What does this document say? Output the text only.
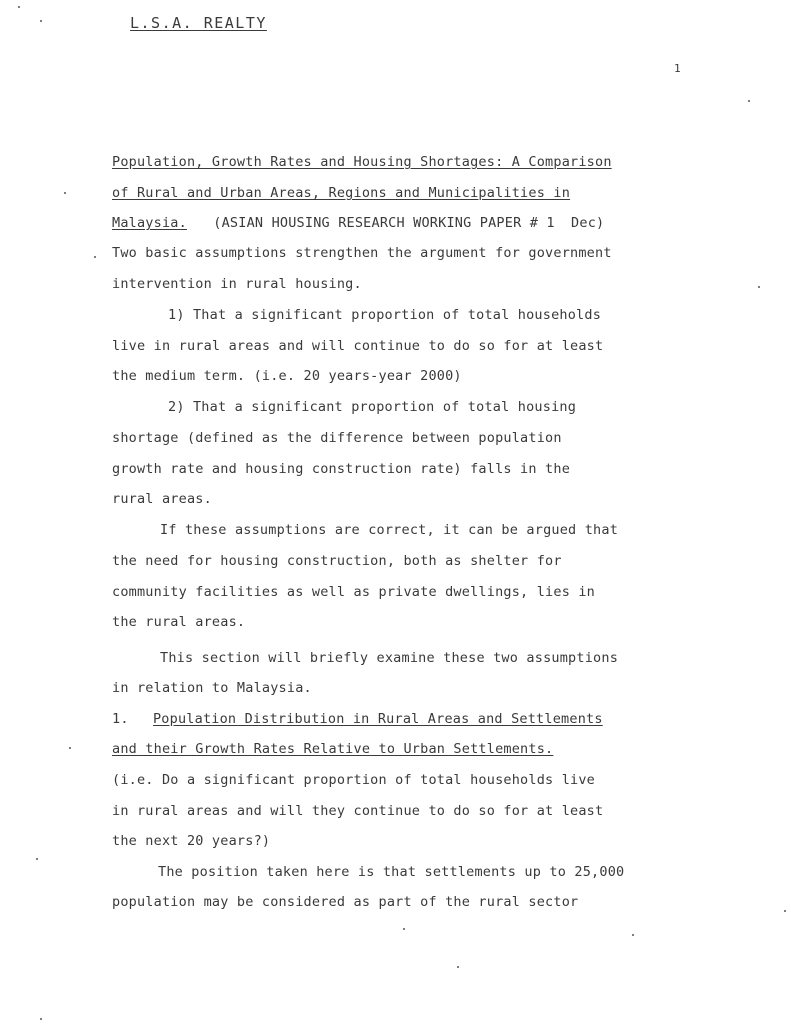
L.S.A. REALTY
1
Population, Growth Rates and Housing Shortages: A Comparison
of Rural and Urban Areas, Regions and Municipalities in
Malaysia. (ASIAN HOUSING RESEARCH WORKING PAPER # 1 Dec)
Two basic assumptions strengthen the argument for government
intervention in rural housing.
1) That a significant proportion of total households
live in rural areas and will continue to do so for at least
the medium term. (i.e. 20 years-year 2000)
2) That a significant proportion of total housing
shortage (defined as the difference between population
growth rate and housing construction rate) falls in the
rural areas.
If these assumptions are correct, it can be argued that
the need for housing construction, both as shelter for
community facilities as well as private dwellings, lies in
the rural areas.
This section will briefly examine these two assumptions
in relation to Malaysia.
1. Population Distribution in Rural Areas and Settlements
and their Growth Rates Relative to Urban Settlements.
(i.e. Do a significant proportion of total households live
in rural areas and will they continue to do so for at least
the next 20 years?)
The position taken here is that settlements up to 25,000
population may be considered as part of the rural sector
